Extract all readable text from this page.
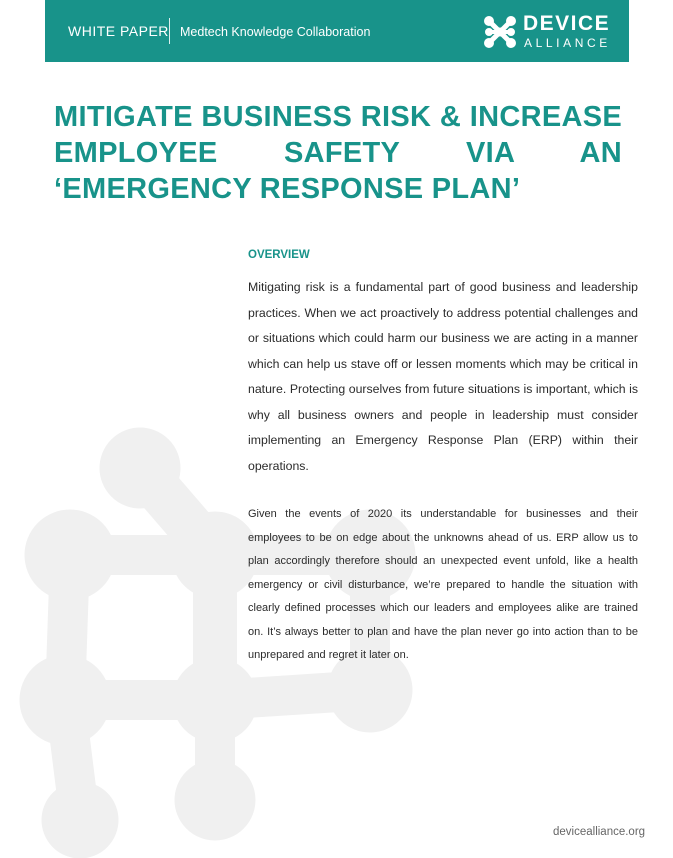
WHITE PAPER Medtech Knowledge Collaboration	DEVICE
ALLIANCE
MITIGATE BUSINESS RISK & INCREASE EMPLOYEE SAFETY VIA AN ‘EMERGENCY RESPONSE PLAN’
OVERVIEW

Mitigating risk is a fundamental part of good business and leadership practices. When we act proactively to address potential challenges and or situations which could harm our business we are acting in a manner which can help us stave off or lessen moments which may be critical in nature. Protecting ourselves from future situations is important, which is why all business owners and people in leadership must consider implementing an Emergency Response Plan (ERP) within their operations.

Given the events of 2020 its understandable for businesses and their employees to be on edge about the unknowns ahead of us. ERP allow us to plan accordingly therefore should an unexpected event unfold, like a health emergency or civil disturbance, we’re prepared to handle the situation with clearly defined processes which our leaders and employees alike are trained on. It’s always better to plan and have the plan never go into action than to be unprepared and regret it later on.

devicealliance.org
